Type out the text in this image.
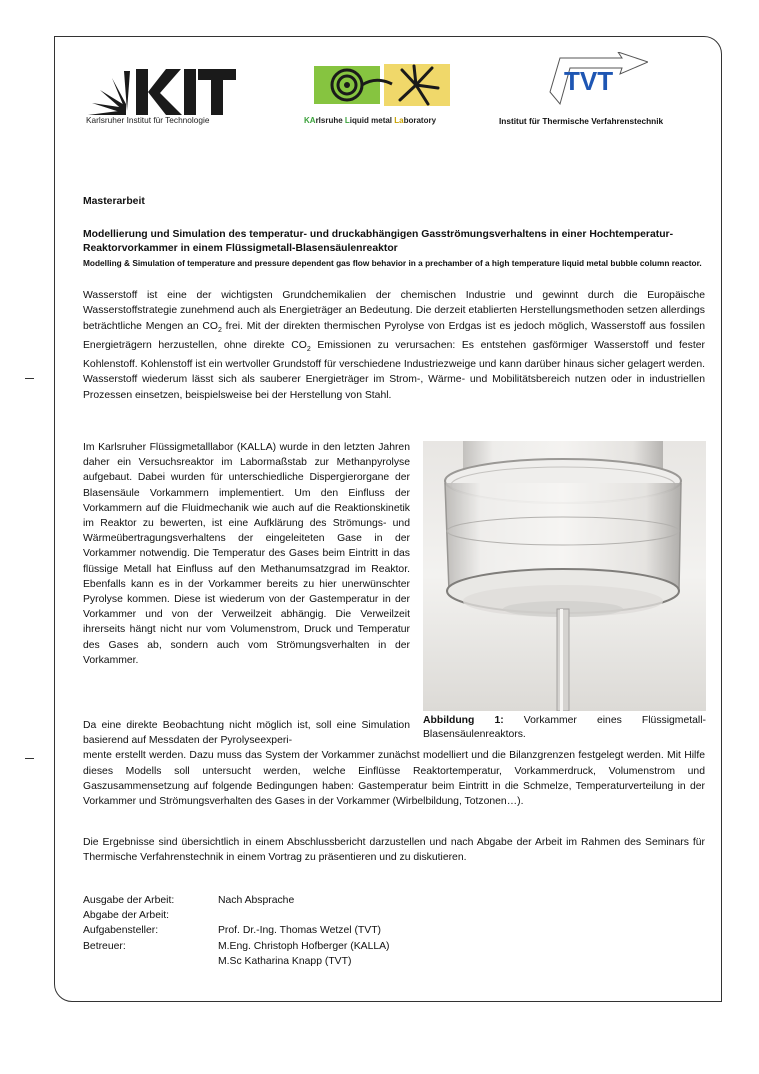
Karlsruher Institut für Technologie	KArlsruhe Liquid metal Laboratory
TVT
Institut für Thermische Verfahrenstechnik

Masterarbeit

Modellierung und Simulation des temperatur- und druckabhängigen Gasströmungsverhaltens in einer Hochtemperatur-Reaktorvorkammer in einem Flüssigmetall-Blasensäulenreaktor

Modelling & Simulation of temperature and pressure dependent gas flow behavior in a prechamber of a high temperature liquid metal bubble column reactor.

Wasserstoff ist eine der wichtigsten Grundchemikalien der chemischen Industrie und gewinnt durch die Europäische Wasserstoffstrategie zunehmend auch als Energieträger an Bedeutung. Die derzeit etablierten Herstellungsmethoden setzen allerdings beträchtliche Mengen an $CO_2$ frei. Mit der direkten thermischen Pyrolyse von Erdgas ist es jedoch möglich, Wasserstoff aus fossilen Energieträgern herzustellen, ohne direkte $CO_2$ Emissionen zu verursachen: Es entstehen gasförmiger Wasserstoff und fester Kohlenstoff. Kohlenstoff ist ein wertvoller Grundstoff für verschiedene Industriezweige und kann darüber hinaus sicher gelagert werden. Wasserstoff wiederum lässt sich als sauberer Energieträger im Strom-, Wärme- und Mobilitätsbereich nutzen oder in industriellen Prozessen einsetzen, beispielsweise bei der Herstellung von Stahl.

Im Karlsruher Flüssigmetalllabor (KALLA) wurde in den letzten Jahren daher ein Versuchsreaktor im Labormaßstab zur Methanpyrolyse aufgebaut. Dabei wurden für unterschiedliche Dispergierorgane der Blasensäule Vorkammern implementiert. Um den Einfluss der Vorkammern auf die Fluidmechanik wie auch auf die Reaktionskinetik im Reaktor zu bewerten, ist eine Aufklärung des Strömungs- und Wärmeübertragungsverhaltens der eingeleiteten Gase in der Vorkammer notwendig. Die Temperatur des Gases beim Eintritt in das flüssige Metall hat Einfluss auf den Methanumsatzgrad im Reaktor. Ebenfalls kann es in der Vorkammer bereits zu hier unerwünschter Pyrolyse kommen. Diese ist wiederum von der Gastemperatur in der Vorkammer und von der Verweilzeit abhängig. Die Verweilzeit ihrerseits hängt nicht nur vom Volumenstrom, Druck und Temperatur des Gases ab, sondern auch vom Strömungsverhalten in der Vorkammer.

Abbildung 1: Vorkammer eines Flüssigmetall-Blasensäulenreaktors.

Da eine direkte Beobachtung nicht möglich ist, soll eine Simulation basierend auf Messdaten der Pyrolyseexperi-

mente erstellt werden. Dazu muss das System der Vorkammer zunächst modelliert und die Bilanzgrenzen festgelegt werden. Mit Hilfe dieses Modells soll untersucht werden, welche Einflüsse Reaktortemperatur, Vorkammerdruck, Volumenstrom und Gaszusammensetzung auf folgende Bedingungen haben: Gastemperatur beim Eintritt in die Schmelze, Temperaturverteilung in der Vorkammer und Strömungsverhalten des Gases in der Vorkammer (Wirbelbildung, Totzonen…).

Die Ergebnisse sind übersichtlich in einem Abschlussbericht darzustellen und nach Abgabe der Arbeit im Rahmen des Seminars für Thermische Verfahrenstechnik in einem Vortrag zu präsentieren und zu diskutieren.

Ausgabe der Arbeit:	Nach Absprache
Abgabe der Arbeit:
Aufgabensteller:	Prof. Dr.-Ing. Thomas Wetzel (TVT)
Betreuer:	M.Eng. Christoph Hofberger (KALLA)
M.Sc Katharina Knapp (TVT)
